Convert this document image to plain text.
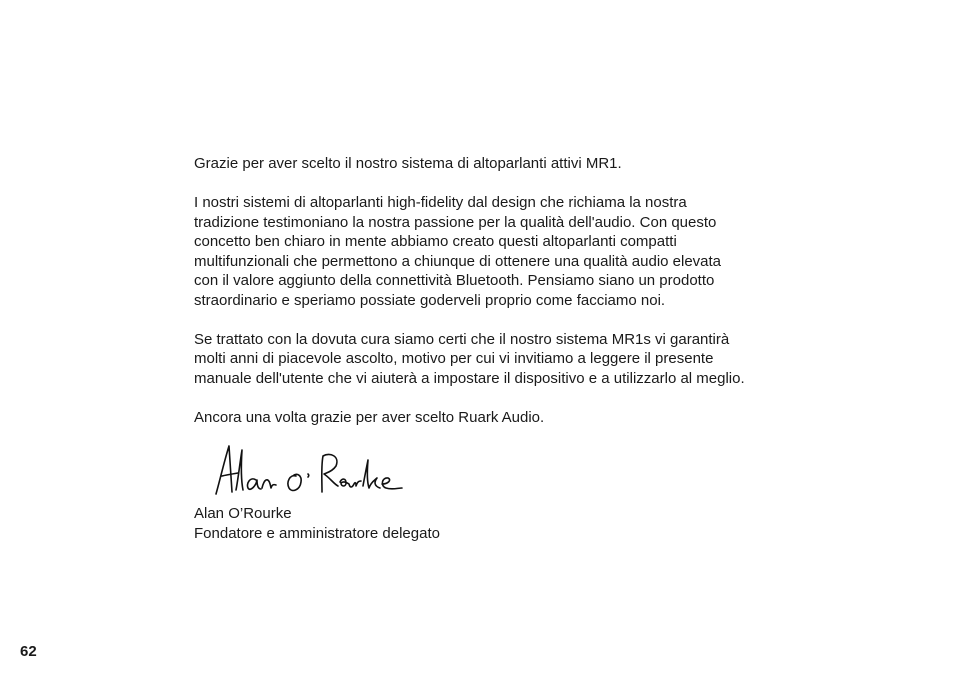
Grazie per aver scelto il nostro sistema di altoparlanti attivi MR1.

I nostri sistemi di altoparlanti high-fidelity dal design che richiama la nostra
tradizione testimoniano la nostra passione per la qualità dell'audio. Con questo
concetto ben chiaro in mente abbiamo creato questi altoparlanti compatti
multifunzionali che permettono a chiunque di ottenere una qualità audio elevata
con il valore aggiunto della connettività Bluetooth. Pensiamo siano un prodotto
straordinario e speriamo possiate godervelі proprio come facciamo noi.

Se trattato con la dovuta cura siamo certi che il nostro sistema MR1s vi garantirà
molti anni di piacevole ascolto, motivo per cui vi invitiamo a leggere il presente
manuale dell'utente che vi aiuterà a impostare il dispositivo e a utilizzarlo al meglio.

Ancora una volta grazie per aver scelto Ruark Audio.

Alan O’Rourke
Fondatore e amministratore delegato
62
